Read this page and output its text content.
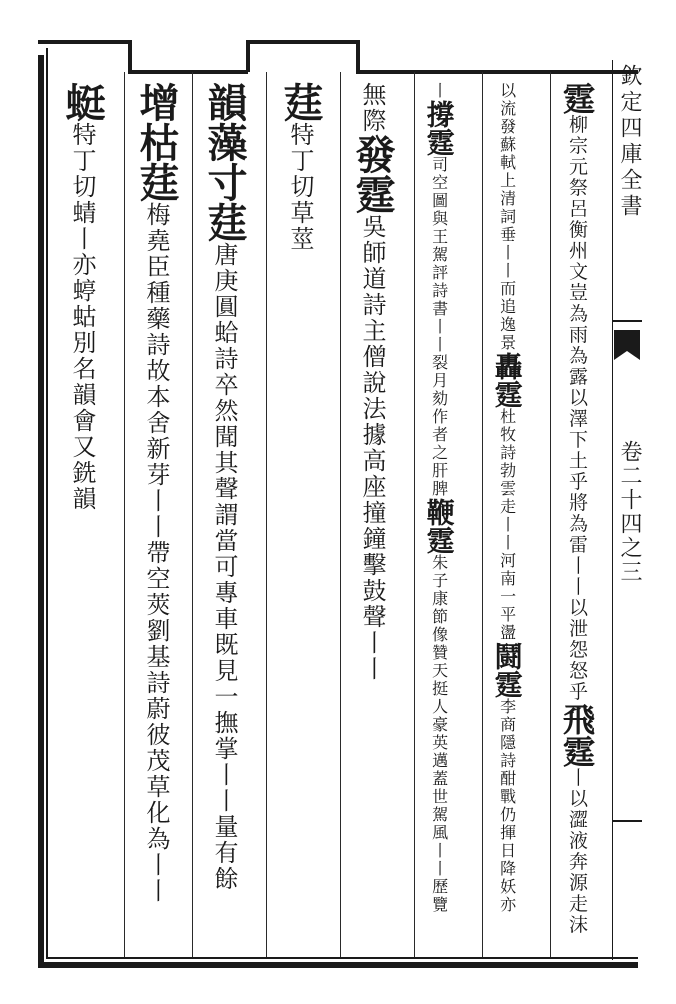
欽定四庫全書
卷二十四之三
霆柳宗元祭呂衡州文豈為雨為露以澤下土乎將為雷丨丨以泄怨怒乎飛霆丨以澀液奔源走沫
以流發蘇軾上清詞垂丨丨而追逸景轟霆杜牧詩勃雲走丨丨河南一平盪鬪霆李商隱詩酣戰仍揮日降妖亦
丨撐霆司空圖與王駕評詩書丨丨裂月劾作者之肝脾鞭霆朱子康節像贊天挺人豪英邁蓋世駕風丨丨歷覽
無際發霆吳師道詩主僧說法據高座撞鐘擊鼓聲丨丨
莛特丁切草莖
韻藻寸莛唐庚圓蛤詩卒然聞其聲謂當可專車既見一撫掌丨丨量有餘
增枯莛梅堯臣種藥詩故本舍新芽丨丨帶空莢劉基詩蔚彼茂草化為丨丨
蜓特丁切蜻丨亦蝏蛄別名韻會又銑韻
